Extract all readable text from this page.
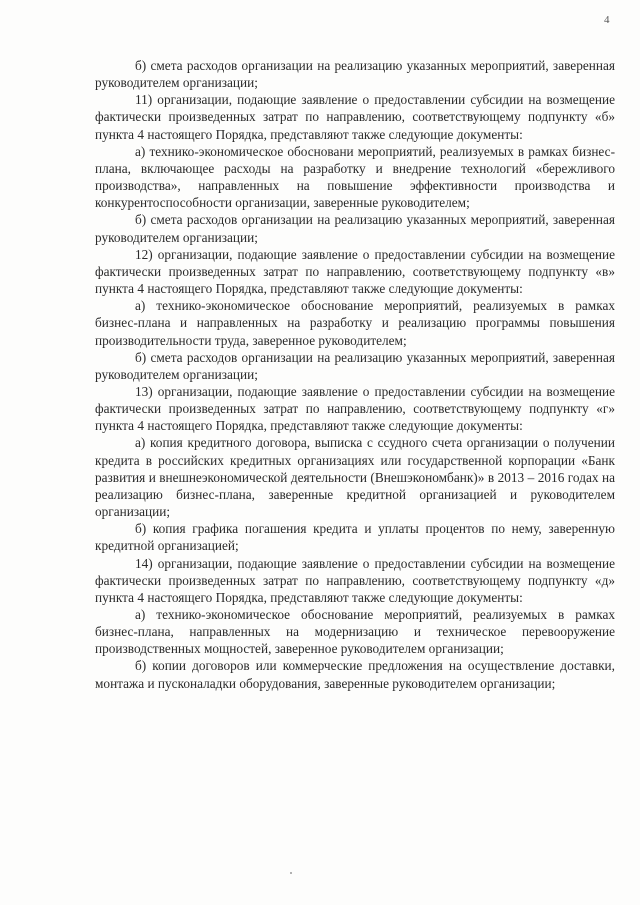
4

б) смета расходов организации на реализацию указанных мероприятий, заверенная руководителем организации;

11) организации, подающие заявление о предоставлении субсидии на возмещение фактически произведенных затрат по направлению, соответствующему подпункту «б» пункта 4 настоящего Порядка, представляют также следующие документы:

а) технико-экономическое обосновани мероприятий, реализуемых в рамках бизнес-плана, включающее расходы на разработку и внедрение технологий «бережливого производства», направленных на повышение эффективности производства и конкурентоспособности организации, заверенные руководителем;

б) смета расходов организации на реализацию указанных мероприятий, заверенная руководителем организации;

12) организации, подающие заявление о предоставлении субсидии на возмещение фактически произведенных затрат по направлению, соответствующему подпункту «в» пункта 4 настоящего Порядка, представляют также следующие документы:

а) технико-экономическое обоснование мероприятий, реализуемых в рамках бизнес-плана и направленных на разработку и реализацию программы повышения производительности труда, заверенное руководителем;

б) смета расходов организации на реализацию указанных мероприятий, заверенная руководителем организации;

13) организации, подающие заявление о предоставлении субсидии на возмещение фактически произведенных затрат по направлению, соответствующему подпункту «г» пункта 4 настоящего Порядка, представляют также следующие документы:

а) копия кредитного договора, выписка с ссудного счета организации о получении кредита в российских кредитных организациях или государственной корпорации «Банк развития и внешнеэкономической деятельности (Внешэкономбанк)» в 2013 – 2016 годах на реализацию бизнес-плана, заверенные кредитной организацией и руководителем организации;

б) копия графика погашения кредита и уплаты процентов по нему, заверенную кредитной организацией;

14) организации, подающие заявление о предоставлении субсидии на возмещение фактически произведенных затрат по направлению, соответствующему подпункту «д» пункта 4 настоящего Порядка, представляют также следующие документы:

а) технико-экономическое обоснование мероприятий, реализуемых в рамках бизнес-плана, направленных на модернизацию и техническое перевооружение производственных мощностей, заверенное руководителем организации;

б) копии договоров или коммерческие предложения на осуществление доставки, монтажа и пусконаладки оборудования, заверенные руководителем организации;
